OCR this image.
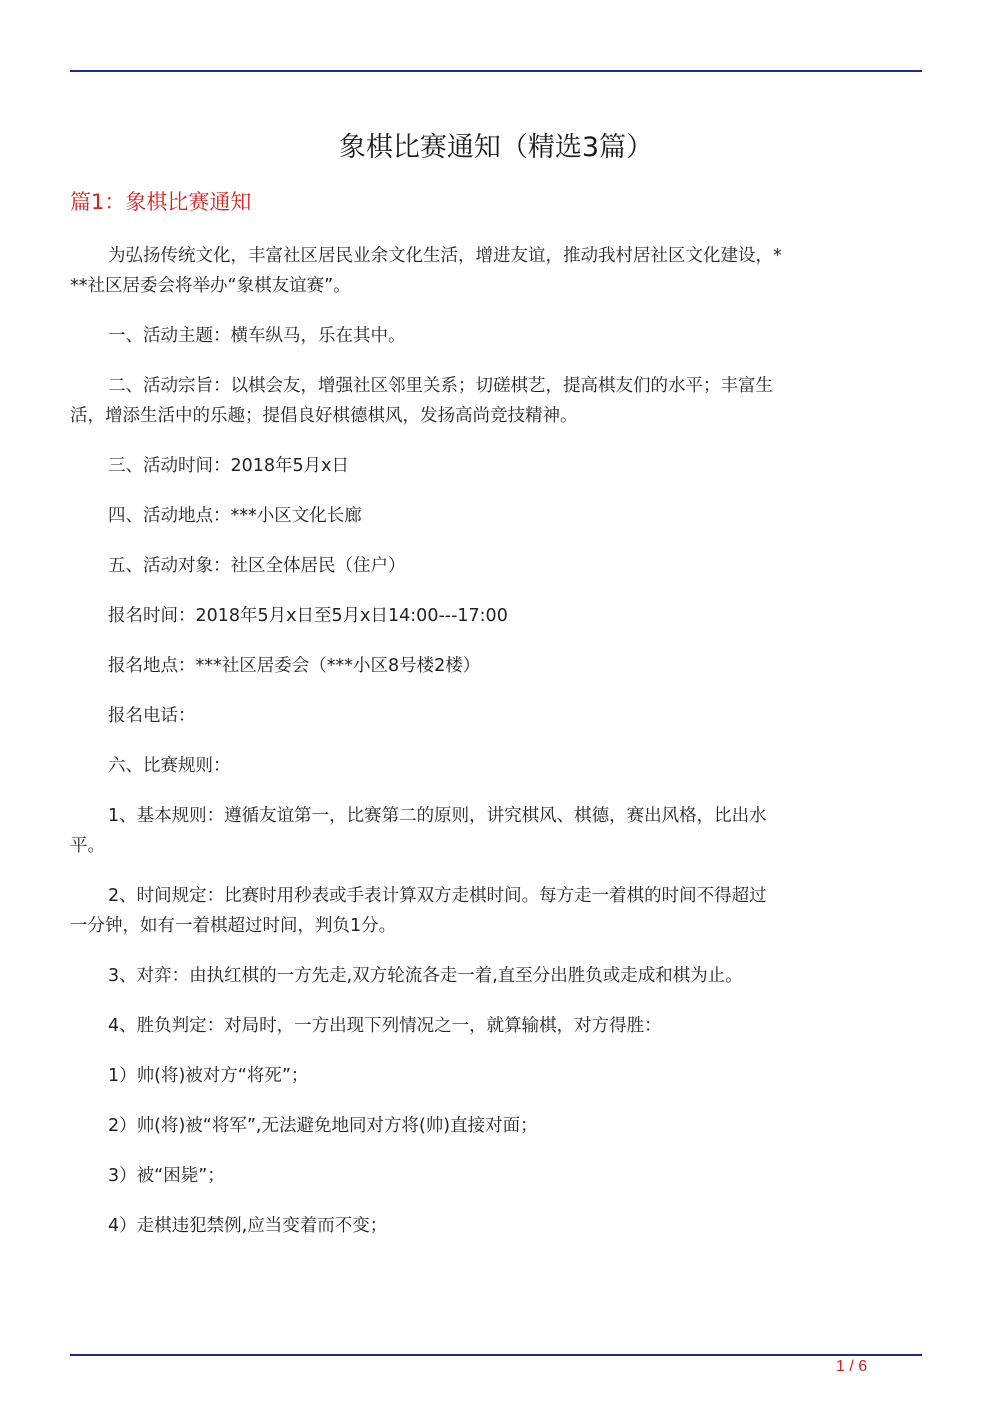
象棋比赛通知（精选3篇）
篇1：象棋比赛通知

为弘扬传统文化，丰富社区居民业余文化生活，增进友谊，推动我村居社区文化建设，***社区居委会将举办“象棋友谊赛”。

一、活动主题：横车纵马，乐在其中。

二、活动宗旨：以棋会友，增强社区邻里关系；切磋棋艺，提高棋友们的水平；丰富生活，增添生活中的乐趣；提倡良好棋德棋风，发扬高尚竞技精神。

三、活动时间：2018年5月x日

四、活动地点：***小区文化长廊

五、活动对象：社区全体居民（住户）

报名时间：2018年5月x日至5月x日14:00---17:00

报名地点：***社区居委会（***小区8号楼2楼）

报名电话：

六、比赛规则：

1、基本规则：遵循友谊第一，比赛第二的原则，讲究棋风、棋德，赛出风格，比出水平。

2、时间规定：比赛时用秒表或手表计算双方走棋时间。每方走一着棋的时间不得超过一分钟，如有一着棋超过时间，判负1分。

3、对弈：由执红棋的一方先走,双方轮流各走一着,直至分出胜负或走成和棋为止。

4、胜负判定：对局时，一方出现下列情况之一，就算输棋，对方得胜：

1）帅(将)被对方“将死”；

2）帅(将)被“将军”,无法避免地同对方将(帅)直接对面；

3）被“困毙”；

4）走棋违犯禁例,应当变着而不变；

1 / 6
